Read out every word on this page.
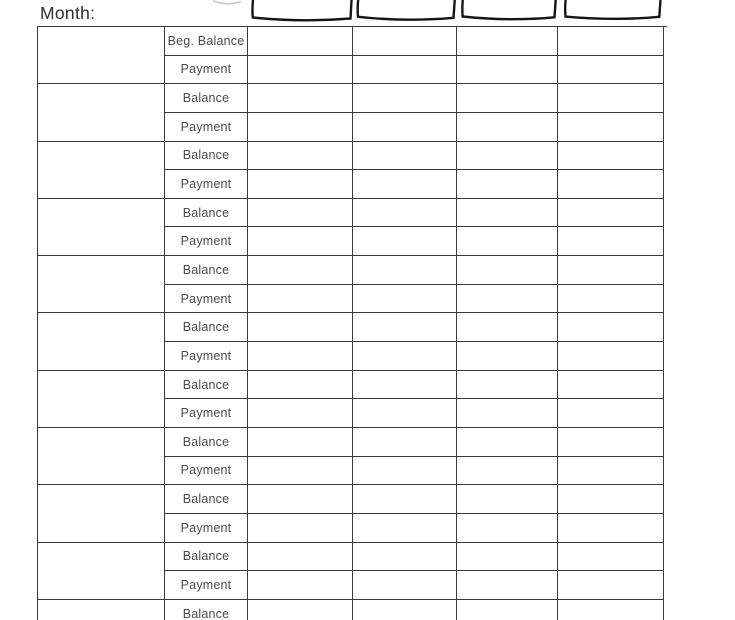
Month:
Beg. Balance
Payment
Balance
Payment
Balance
Payment
Balance
Payment
Balance
Payment
Balance
Payment
Balance
Payment
Balance
Payment
Balance
Payment
Balance
Payment
Balance
